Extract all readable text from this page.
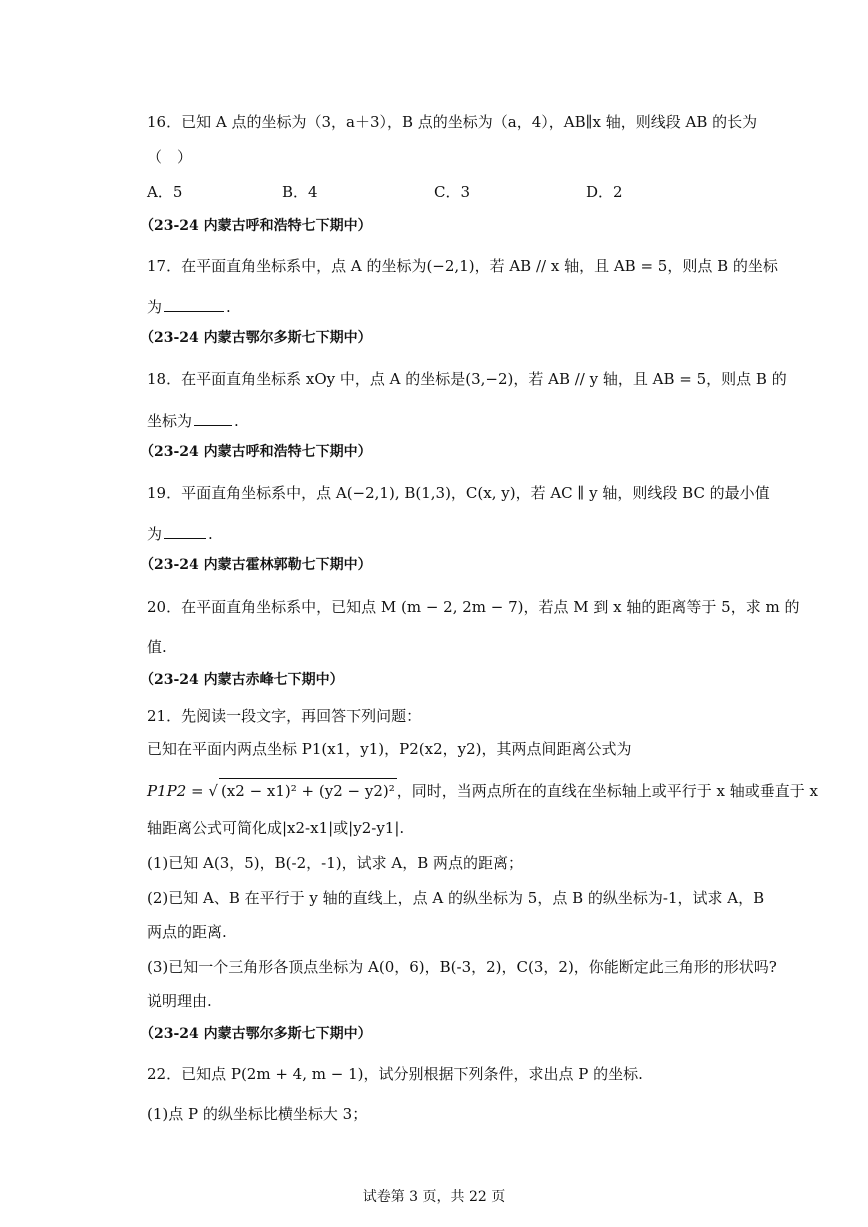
16．已知 A 点的坐标为（3，a＋3），B 点的坐标为（a，4），AB∥x 轴，则线段 AB 的长为
（　）
A．5	B．4	C．3	D．2
（23-24 内蒙古呼和浩特七下期中）
17．在平面直角坐标系中，点 A 的坐标为(−2,1)，若 AB // x 轴，且 AB = 5，则点 B 的坐标
为	.
（23-24 内蒙古鄂尔多斯七下期中）
18．在平面直角坐标系 xOy 中，点 A 的坐标是(3,−2)，若 AB // y 轴，且 AB = 5，则点 B 的
坐标为	.
（23-24 内蒙古呼和浩特七下期中）
19．平面直角坐标系中，点 A(−2,1), B(1,3)，C(x, y)，若 AC ∥ y 轴，则线段 BC 的最小值
为	.
（23-24 内蒙古霍林郭勒七下期中）
20．在平面直角坐标系中，已知点 M (m − 2, 2m − 7)，若点 M 到 x 轴的距离等于 5，求 m 的
值.
（23-24 内蒙古赤峰七下期中）
21．先阅读一段文字，再回答下列问题：
已知在平面内两点坐标 P1(x1，y1)，P2(x2，y2)，其两点间距离公式为
P1P2 = √ (x2 − x1)² + (y2 − y2)² ，同时，当两点所在的直线在坐标轴上或平行于 x 轴或垂直于 x
轴距离公式可简化成|x2-x1|或|y2-y1|.
(1)已知 A(3，5)，B(-2，-1)，试求 A，B 两点的距离；
(2)已知 A、B 在平行于 y 轴的直线上，点 A 的纵坐标为 5，点 B 的纵坐标为-1，试求 A，B
两点的距离.
(3)已知一个三角形各顶点坐标为 A(0，6)，B(-3，2)，C(3，2)，你能断定此三角形的形状吗?
说明理由.
（23-24 内蒙古鄂尔多斯七下期中）
22．已知点 P(2m + 4, m − 1)，试分别根据下列条件，求出点 P 的坐标.
(1)点 P 的纵坐标比横坐标大 3；
试卷第 3 页，共 22 页
